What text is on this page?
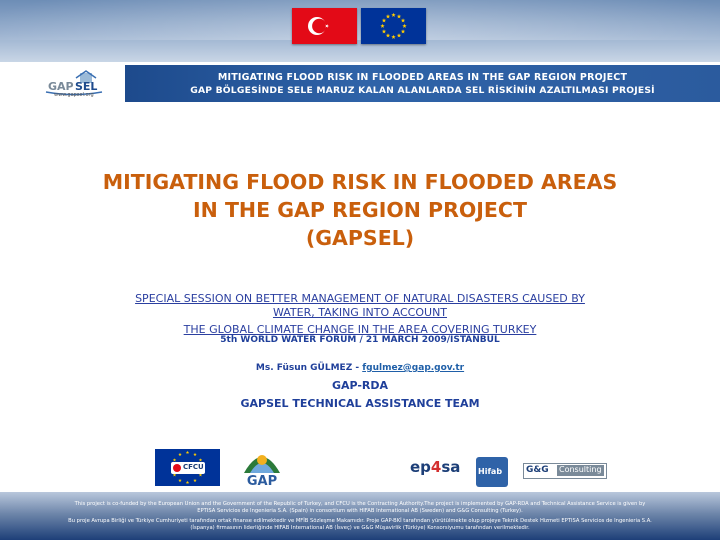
GAP SEL
www.gapsel.org
MITIGATING FLOOD RISK IN FLOODED AREAS IN THE GAP REGION PROJECT
GAP BÖLGESİNDE SELE MARUZ KALAN ALANLARDA SEL RİSKİNİN AZALTILMASI PROJESİ
MITIGATING FLOOD RISK IN FLOODED AREAS
IN THE GAP REGION PROJECT
(GAPSEL)
SPECIAL SESSION ON BETTER MANAGEMENT OF NATURAL DISASTERS CAUSED BY
WATER, TAKING INTO ACCOUNT
THE GLOBAL CLIMATE CHANGE IN THE AREA COVERING TURKEY
5th WORLD WATER FORUM / 21 MARCH 2009/İSTANBUL
Ms. Füsun GÜLMEZ - fgulmez@gap.gov.tr
GAP-RDA
GAPSEL TECHNICAL ASSISTANCE TEAM
CFCU
GAP
ep4sa Hifab	G&G Consulting
This project is co-funded by the European Union and the Government of the Republic of Turkey, and CFCU is the Contracting Authority.The project is implemented by GAP-RDA and Technical Assistance Service is given by
EPTISA Servicios de Ingenieria S.A. (Spain) in consortium with HIFAB International AB (Sweden) and G&G Consulting (Turkey).
Bu proje Avrupa Birliği ve Türkiye Cumhuriyeti tarafından ortak finanse edilmektedir ve MFİB Sözleşme Makamıdır. Proje GAP-BKİ tarafından yürütülmekte olup projeye Teknik Destek Hizmeti EPTISA Servicios de Ingenieria S.A.
(İspanya) firmasının liderliğinde HIFAB International AB (İsveç) ve G&G Müşavirlik (Türkiye) Konsorsiyumu tarafından verilmektedir.
